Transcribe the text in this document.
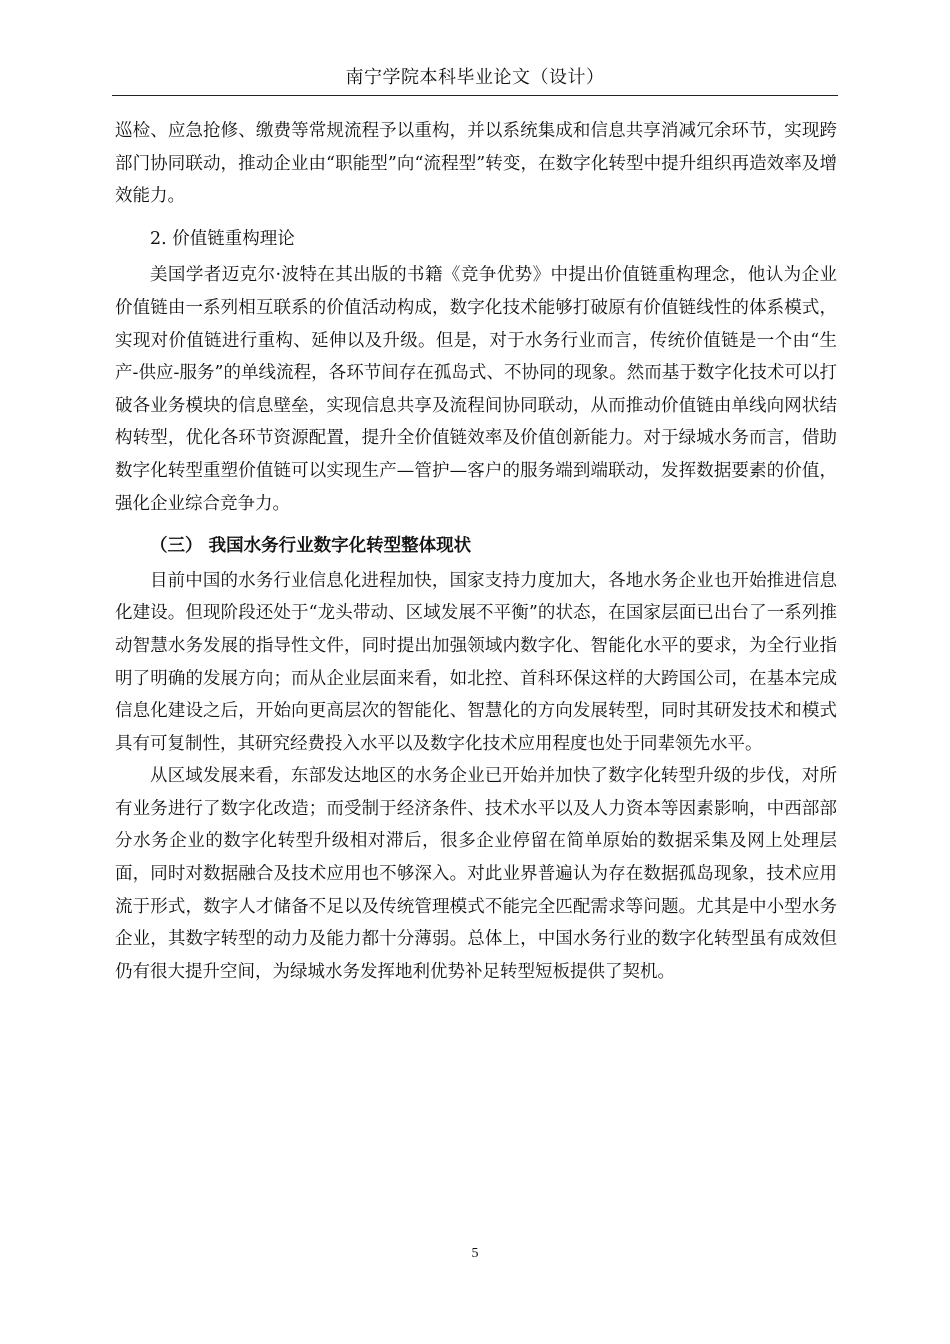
南宁学院本科毕业论文（设计）

巡检、应急抢修、缴费等常规流程予以重构，并以系统集成和信息共享消减冗余环节，实现跨部门协同联动，推动企业由“职能型”向“流程型”转变，在数字化转型中提升组织再造效率及增效能力。

2. 价值链重构理论

美国学者迈克尔·波特在其出版的书籍《竞争优势》中提出价值链重构理念，他认为企业价值链由一系列相互联系的价值活动构成，数字化技术能够打破原有价值链线性的体系模式，实现对价值链进行重构、延伸以及升级。但是，对于水务行业而言，传统价值链是一个由“生产-供应-服务”的单线流程，各环节间存在孤岛式、不协同的现象。然而基于数字化技术可以打破各业务模块的信息壁垒，实现信息共享及流程间协同联动，从而推动价值链由单线向网状结构转型，优化各环节资源配置，提升全价值链效率及价值创新能力。对于绿城水务而言，借助数字化转型重塑价值链可以实现生产—管护—客户的服务端到端联动，发挥数据要素的价值，强化企业综合竞争力。

（三） 我国水务行业数字化转型整体现状

目前中国的水务行业信息化进程加快，国家支持力度加大，各地水务企业也开始推进信息化建设。但现阶段还处于“龙头带动、区域发展不平衡”的状态，在国家层面已出台了一系列推动智慧水务发展的指导性文件，同时提出加强领域内数字化、智能化水平的要求，为全行业指明了明确的发展方向；而从企业层面来看，如北控、首科环保这样的大跨国公司，在基本完成信息化建设之后，开始向更高层次的智能化、智慧化的方向发展转型，同时其研发技术和模式具有可复制性，其研究经费投入水平以及数字化技术应用程度也处于同辈领先水平。

从区域发展来看，东部发达地区的水务企业已开始并加快了数字化转型升级的步伐，对所有业务进行了数字化改造；而受制于经济条件、技术水平以及人力资本等因素影响，中西部部分水务企业的数字化转型升级相对滞后，很多企业停留在简单原始的数据采集及网上处理层面，同时对数据融合及技术应用也不够深入。对此业界普遍认为存在数据孤岛现象，技术应用流于形式，数字人才储备不足以及传统管理模式不能完全匹配需求等问题。尤其是中小型水务企业，其数字转型的动力及能力都十分薄弱。总体上，中国水务行业的数字化转型虽有成效但仍有很大提升空间，为绿城水务发挥地利优势补足转型短板提供了契机。

5
